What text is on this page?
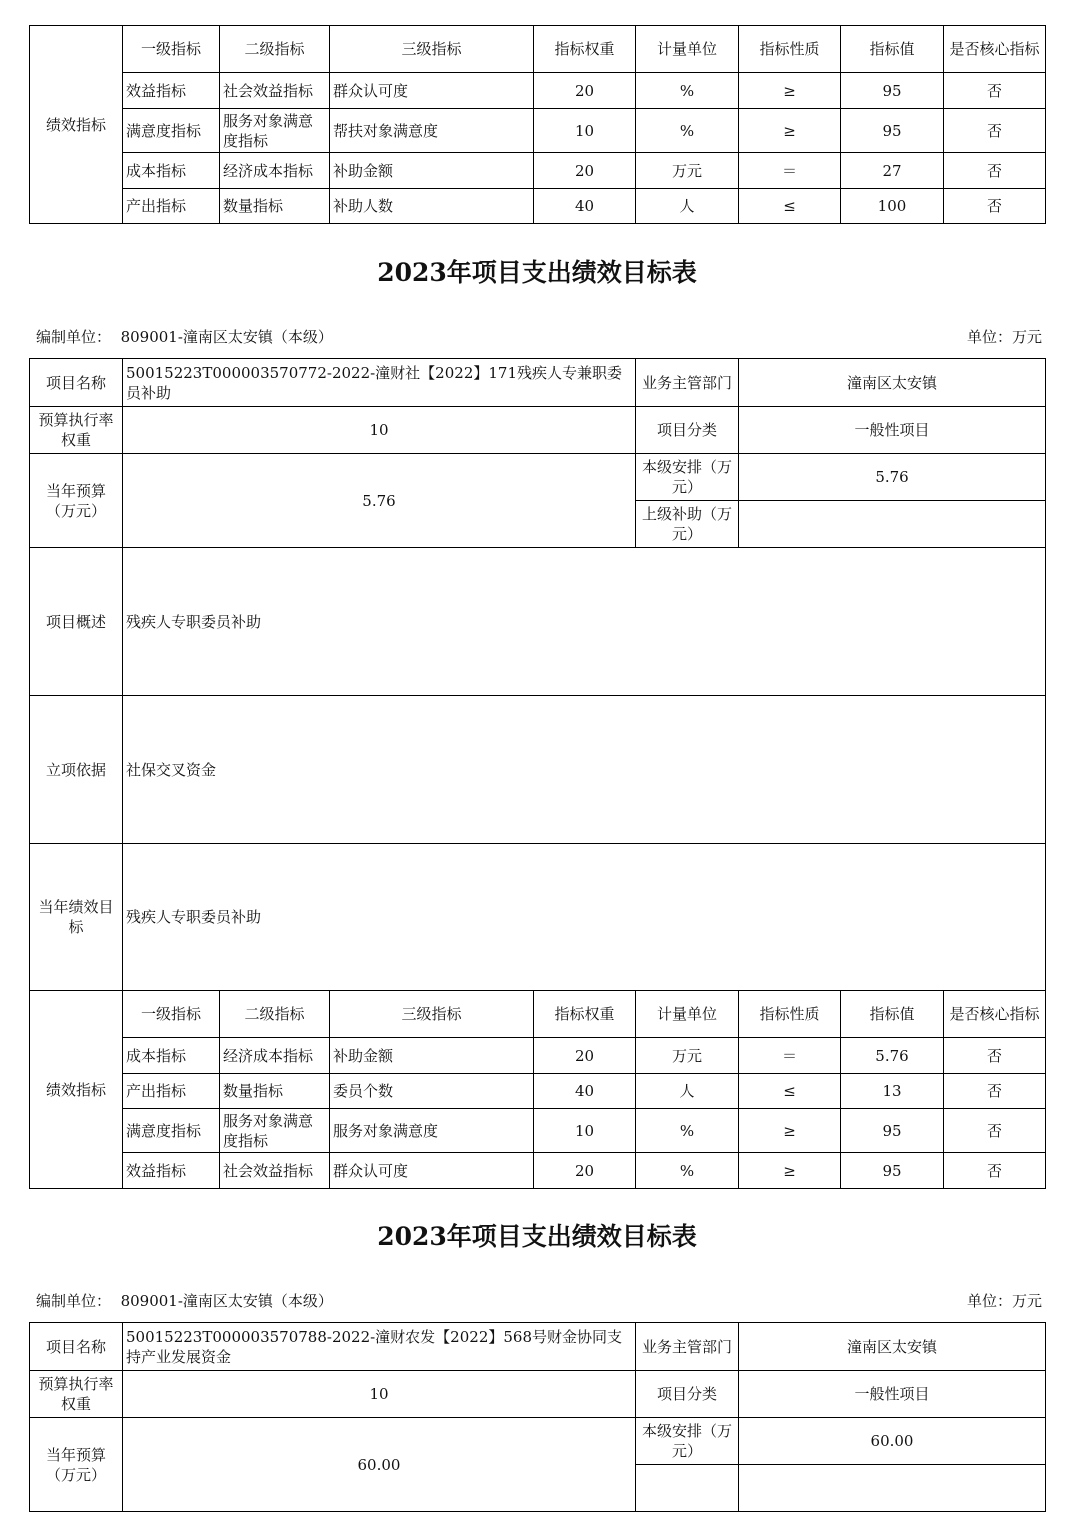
绩效指标	一级指标	二级指标	三级指标	指标权重	计量单位	指标性质	指标值	是否核心指标
	效益指标	社会效益指标	群众认可度	20	%	≥	95	否
	满意度指标	服务对象满意度指标	帮扶对象满意度	10	%	≥	95	否
	成本指标	经济成本指标	补助金额	20	万元	＝	27	否
	产出指标	数量指标	补助人数	40	人	≤	100	否
2023年项目支出绩效目标表
编制单位： 809001-潼南区太安镇（本级）	单位：万元
项目名称	50015223T000003570772-2022-潼财社【2022】171残疾人专兼职委员补助				业务主管部门	潼南区太安镇		
预算执行率权重	10				项目分类	一般性项目		
当年预算（万元）	5.76				本级安排（万元）	5.76		
					上级补助（万元）			
项目概述	残疾人专职委员补助							
立项依据	社保交叉资金							
当年绩效目标	残疾人专职委员补助							
绩效指标	一级指标	二级指标	三级指标	指标权重	计量单位	指标性质	指标值	是否核心指标
	成本指标	经济成本指标	补助金额	20	万元	＝	5.76	否
	产出指标	数量指标	委员个数	40	人	≤	13	否
	满意度指标	服务对象满意度指标	服务对象满意度	10	%	≥	95	否
	效益指标	社会效益指标	群众认可度	20	%	≥	95	否
2023年项目支出绩效目标表
编制单位： 809001-潼南区太安镇（本级）	单位：万元
项目名称	50015223T000003570788-2022-潼财农发【2022】568号财金协同支持产业发展资金	业务主管部门	潼南区太安镇
预算执行率权重	10	项目分类	一般性项目
当年预算（万元）	60.00	本级安排（万元）	60.00
